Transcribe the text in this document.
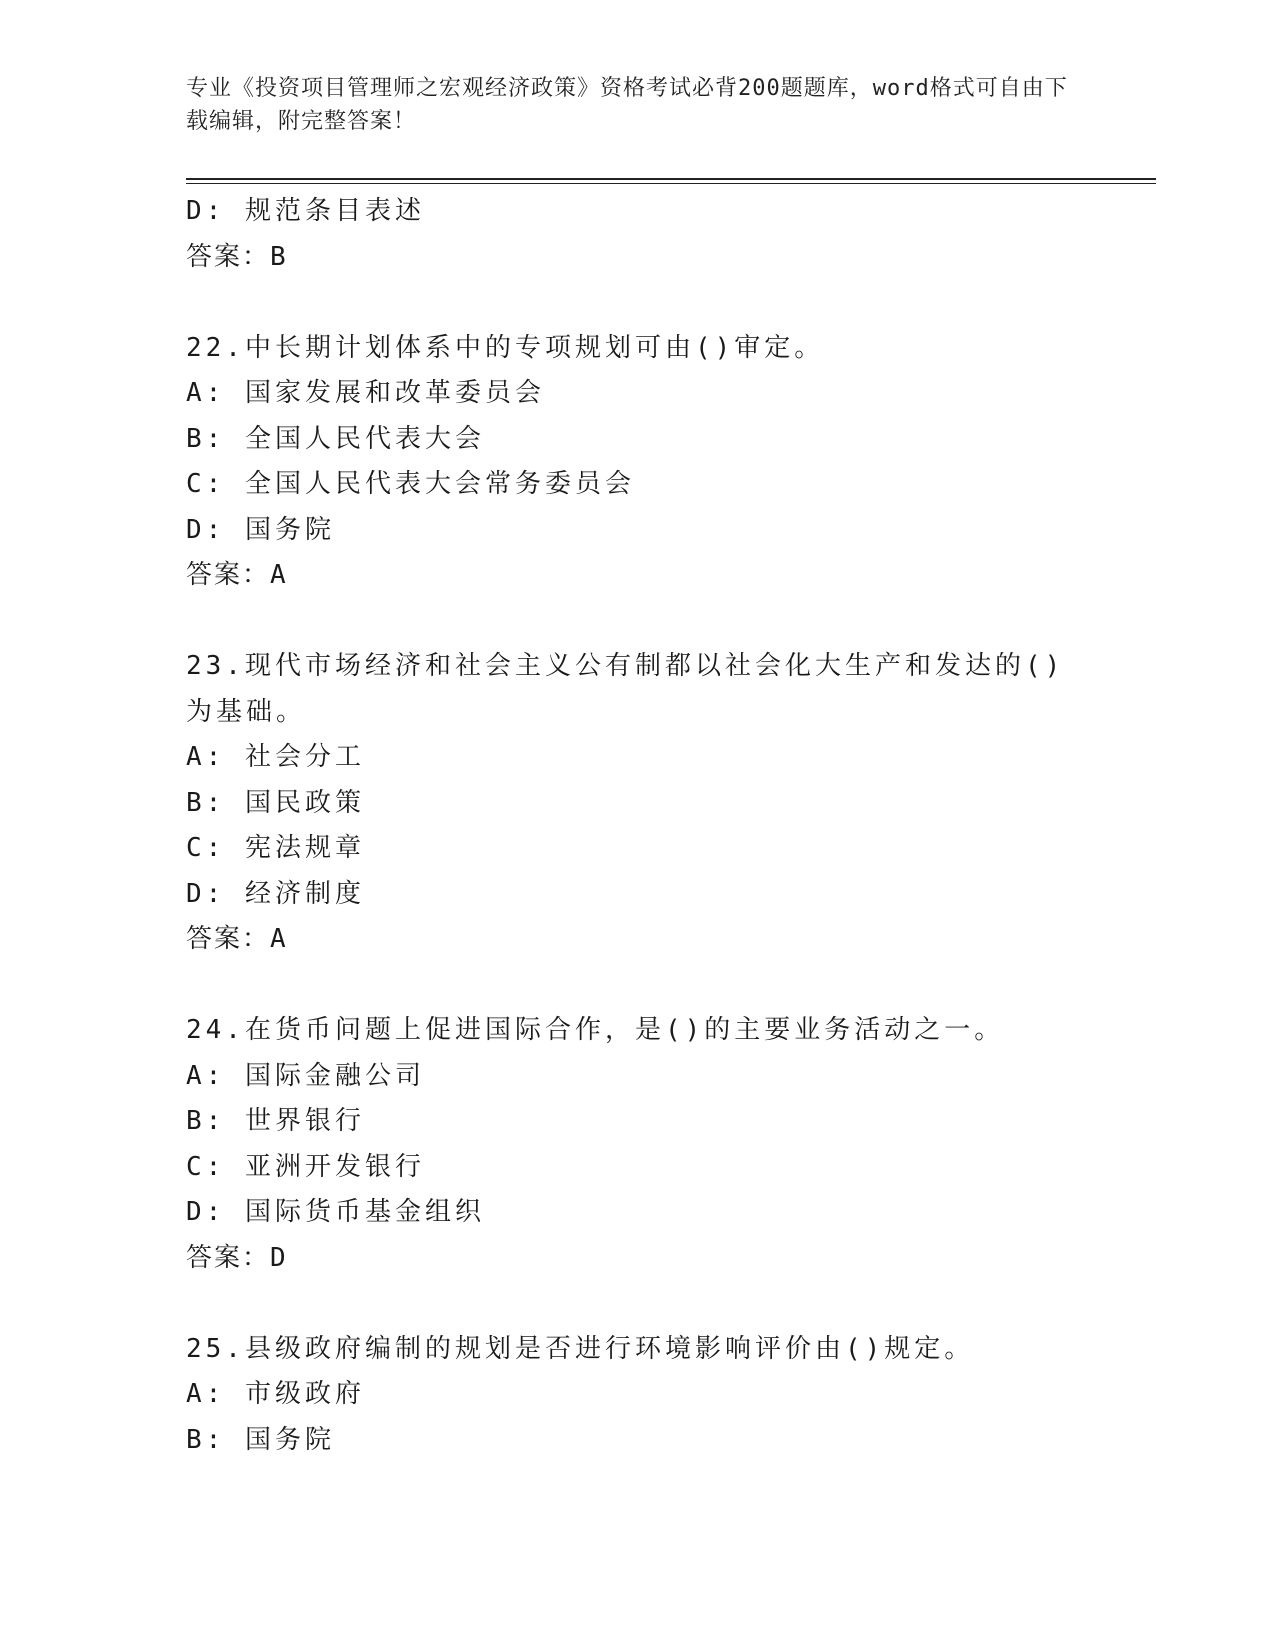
专业《投资项目管理师之宏观经济政策》资格考试必背200题题库，word格式可自由下载编辑，附完整答案！
D: 规范条目表述
答案：B
22.中长期计划体系中的专项规划可由()审定。
A: 国家发展和改革委员会
B: 全国人民代表大会
C: 全国人民代表大会常务委员会
D: 国务院
答案：A
23.现代市场经济和社会主义公有制都以社会化大生产和发达的()为基础。
A: 社会分工
B: 国民政策
C: 宪法规章
D: 经济制度
答案：A
24.在货币问题上促进国际合作，是()的主要业务活动之一。
A: 国际金融公司
B: 世界银行
C: 亚洲开发银行
D: 国际货币基金组织
答案：D
25.县级政府编制的规划是否进行环境影响评价由()规定。
A: 市级政府
B: 国务院
